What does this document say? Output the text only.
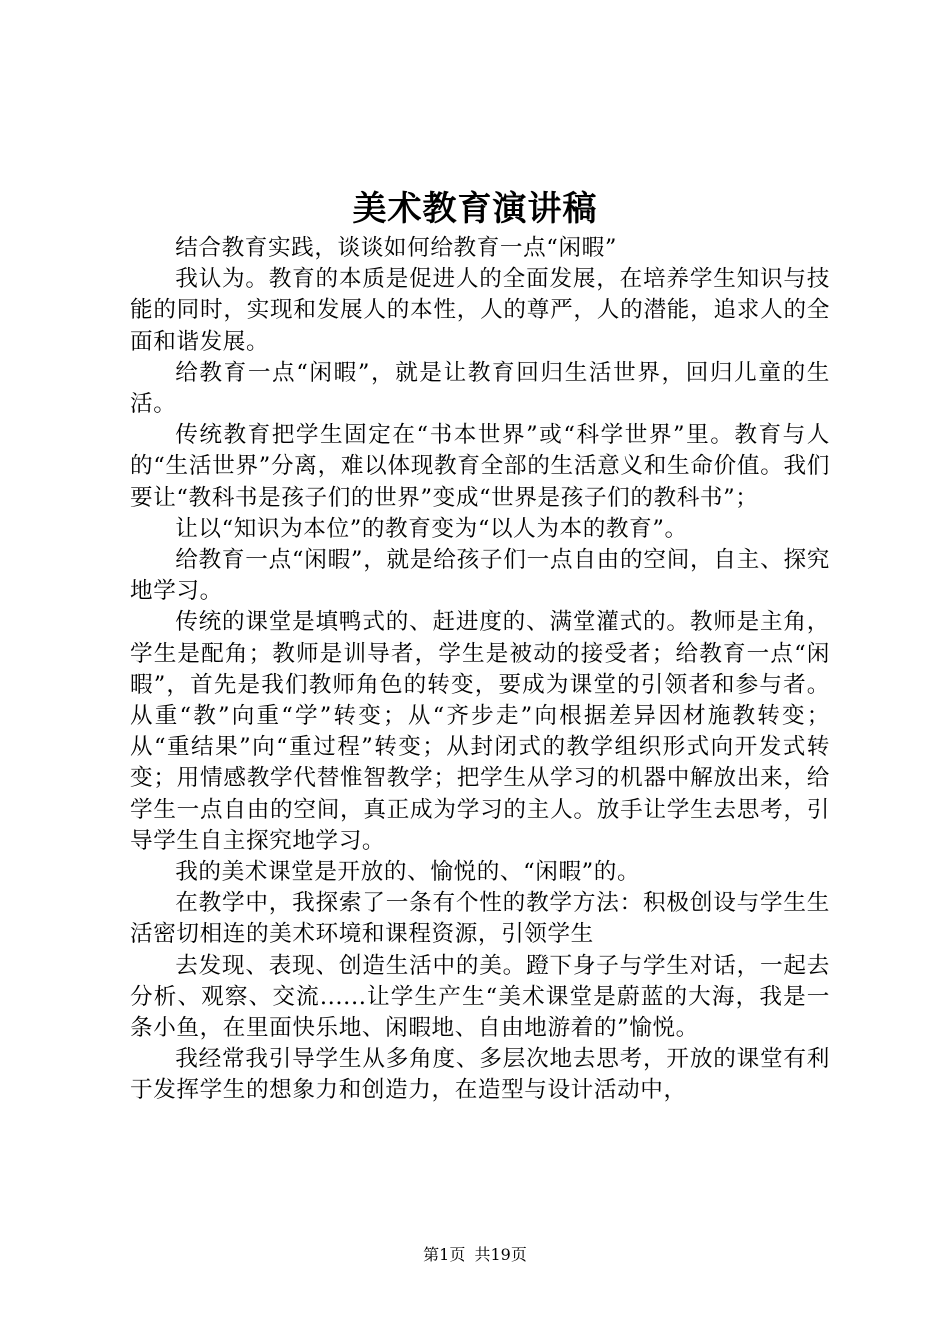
美术教育演讲稿

结合教育实践，谈谈如何给教育一点“闲暇”

我认为。教育的本质是促进人的全面发展，在培养学生知识与技能的同时，实现和发展人的本性，人的尊严，人的潜能，追求人的全面和谐发展。

给教育一点“闲暇”，就是让教育回归生活世界，回归儿童的生活。

传统教育把学生固定在“书本世界”或“科学世界”里。教育与人的“生活世界”分离，难以体现教育全部的生活意义和生命价值。我们要让“教科书是孩子们的世界”变成“世界是孩子们的教科书”；

让以“知识为本位”的教育变为“以人为本的教育”。

给教育一点“闲暇”，就是给孩子们一点自由的空间，自主、探究地学习。

传统的课堂是填鸭式的、赶进度的、满堂灌式的。教师是主角，学生是配角；教师是训导者，学生是被动的接受者；给教育一点“闲暇”，首先是我们教师角色的转变，要成为课堂的引领者和参与者。从重“教”向重“学”转变；从“齐步走”向根据差异因材施教转变；从“重结果”向“重过程”转变；从封闭式的教学组织形式向开发式转变；用情感教学代替惟智教学；把学生从学习的机器中解放出来，给学生一点自由的空间，真正成为学习的主人。放手让学生去思考，引导学生自主探究地学习。

我的美术课堂是开放的、愉悦的、“闲暇”的。

在教学中，我探索了一条有个性的教学方法：积极创设与学生生活密切相连的美术环境和课程资源，引领学生

去发现、表现、创造生活中的美。蹬下身子与学生对话，一起去分析、观察、交流......让学生产生“美术课堂是蔚蓝的大海，我是一条小鱼，在里面快乐地、闲暇地、自由地游着的”愉悦。

我经常我引导学生从多角度、多层次地去思考，开放的课堂有利于发挥学生的想象力和创造力，在造型与设计活动中，

第1页 共19页
